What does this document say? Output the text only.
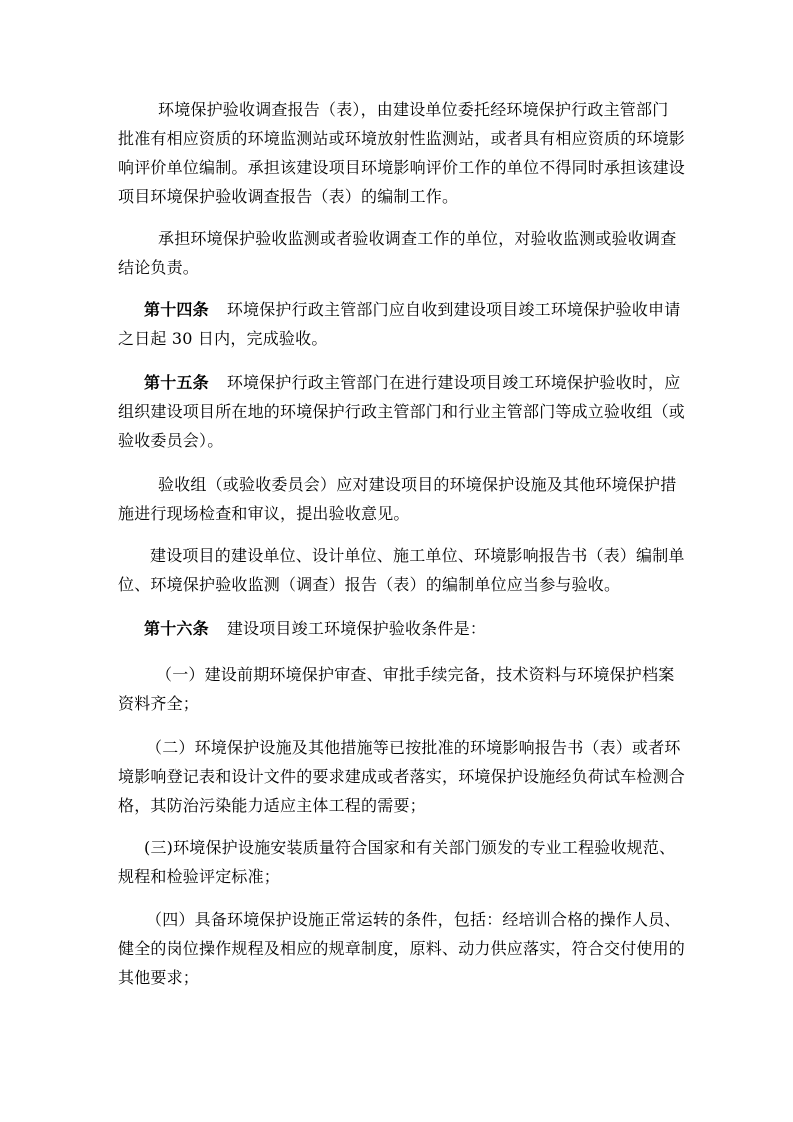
环境保护验收调查报告（表），由建设单位委托经环境保护行政主管部门
批准有相应资质的环境监测站或环境放射性监测站，或者具有相应资质的环境影
响评价单位编制。承担该建设项目环境影响评价工作的单位不得同时承担该建设
项目环境保护验收调查报告（表）的编制工作。

承担环境保护验收监测或者验收调查工作的单位，对验收监测或验收调查
结论负责。

第十四条 环境保护行政主管部门应自收到建设项目竣工环境保护验收申请
之日起 30 日内，完成验收。

第十五条 环境保护行政主管部门在进行建设项目竣工环境保护验收时，应
组织建设项目所在地的环境保护行政主管部门和行业主管部门等成立验收组（或
验收委员会）。

验收组（或验收委员会）应对建设项目的环境保护设施及其他环境保护措
施进行现场检查和审议，提出验收意见。

建设项目的建设单位、设计单位、施工单位、环境影响报告书（表）编制单
位、环境保护验收监测（调查）报告（表）的编制单位应当参与验收。

第十六条 建设项目竣工环境保护验收条件是：

（一）建设前期环境保护审查、审批手续完备，技术资料与环境保护档案
资料齐全；

（二）环境保护设施及其他措施等已按批准的环境影响报告书（表）或者环
境影响登记表和设计文件的要求建成或者落实，环境保护设施经负荷试车检测合
格，其防治污染能力适应主体工程的需要；

(三)环境保护设施安装质量符合国家和有关部门颁发的专业工程验收规范、
规程和检验评定标准；

（四）具备环境保护设施正常运转的条件，包括：经培训合格的操作人员、
健全的岗位操作规程及相应的规章制度，原料、动力供应落实，符合交付使用的
其他要求；
